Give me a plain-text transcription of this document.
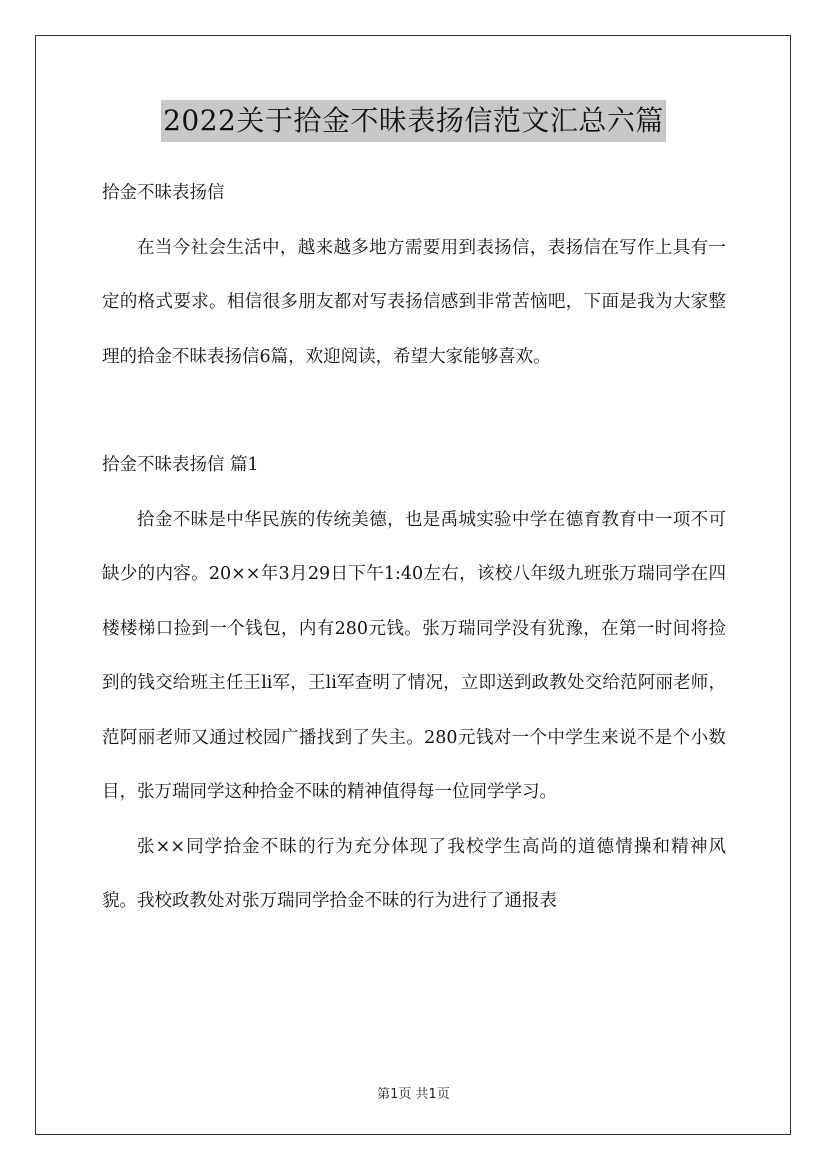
2022关于拾金不昧表扬信范文汇总六篇

拾金不昧表扬信

在当今社会生活中，越来越多地方需要用到表扬信，表扬信在写作上具有一定的格式要求。相信很多朋友都对写表扬信感到非常苦恼吧，下面是我为大家整理的拾金不昧表扬信6篇，欢迎阅读，希望大家能够喜欢。

拾金不昧表扬信 篇1

拾金不昧是中华民族的传统美德，也是禹城实验中学在德育教育中一项不可缺少的内容。20××年3月29日下午1:40左右，该校八年级九班张万瑞同学在四楼楼梯口捡到一个钱包，内有280元钱。张万瑞同学没有犹豫，在第一时间将捡到的钱交给班主任王li军，王li军查明了情况，立即送到政教处交给范阿丽老师，范阿丽老师又通过校园广播找到了失主。280元钱对一个中学生来说不是个小数目，张万瑞同学这种拾金不昧的精神值得每一位同学学习。

张××同学拾金不昧的行为充分体现了我校学生高尚的道德情操和精神风貌。我校政教处对张万瑞同学拾金不昧的行为进行了通报表

第1页 共1页
